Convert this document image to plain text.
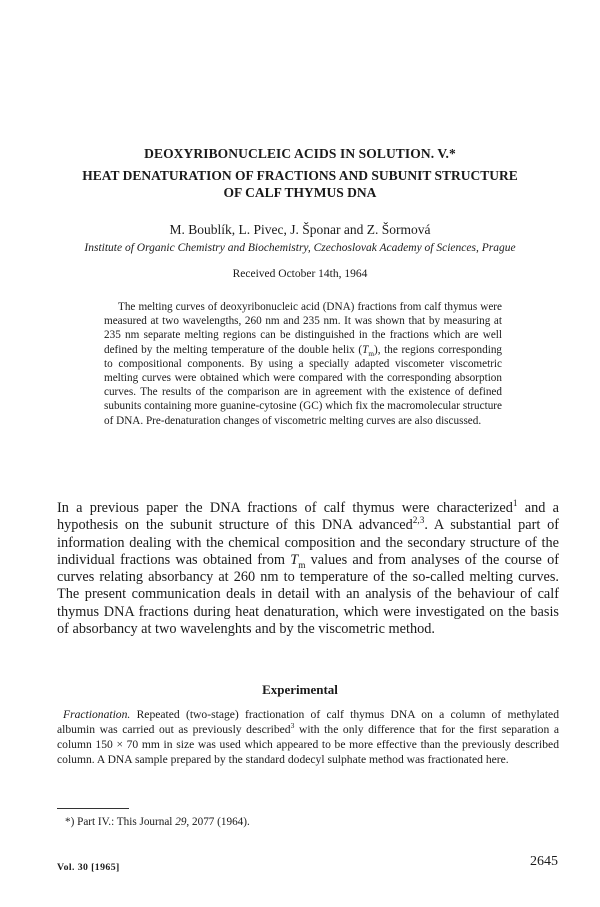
DEOXYRIBONUCLEIC ACIDS IN SOLUTION. V.*
HEAT DENATURATION OF FRACTIONS AND SUBUNIT STRUCTURE
OF CALF THYMUS DNA
M. Boublík, L. Pivec, J. Šponar and Z. Šormová
Institute of Organic Chemistry and Biochemistry, Czechoslovak Academy of Sciences, Prague
Received October 14th, 1964
The melting curves of deoxyribonucleic acid (DNA) fractions from calf thymus were measured at two wavelengths, 260 nm and 235 nm. It was shown that by measuring at 235 nm separate melting regions can be distinguished in the fractions which are well defined by the melting temperature of the double helix $(T_m)$, the regions corresponding to compositional components. By using a specially adapted viscometer viscometric melting curves were obtained which were compared with the corresponding absorption curves. The results of the comparison are in agreement with the existence of defined subunits containing more guanine-cytosine (GC) which fix the macromolecular structure of DNA. Pre-denaturation changes of viscometric melting curves are also discussed.
In a previous paper the DNA fractions of calf thymus were characterized$^1$ and a hypothesis on the subunit structure of this DNA advanced$^{2,3}$. A substantial part of information dealing with the chemical composition and the secondary structure of the individual fractions was obtained from $T_m$ values and from analyses of the course of curves relating absorbancy at 260 nm to temperature of the so-called melting curves. The present communication deals in detail with an analysis of the behaviour of calf thymus DNA fractions during heat denaturation, which were investigated on the basis of absorbancy at two wavelenghts and by the viscometric method.
Experimental
Fractionation. Repeated (two-stage) fractionation of calf thymus DNA on a column of methylated albumin was carried out as previously described$^3$ with the only difference that for the first separation a column 150 × 70 mm in size was used which appeared to be more effective than the previously described column. A DNA sample prepared by the standard dodecyl sulphate method was fractionated here.
*) Part IV.: This Journal 29, 2077 (1964).
Vol. 30 [1965]	2645
